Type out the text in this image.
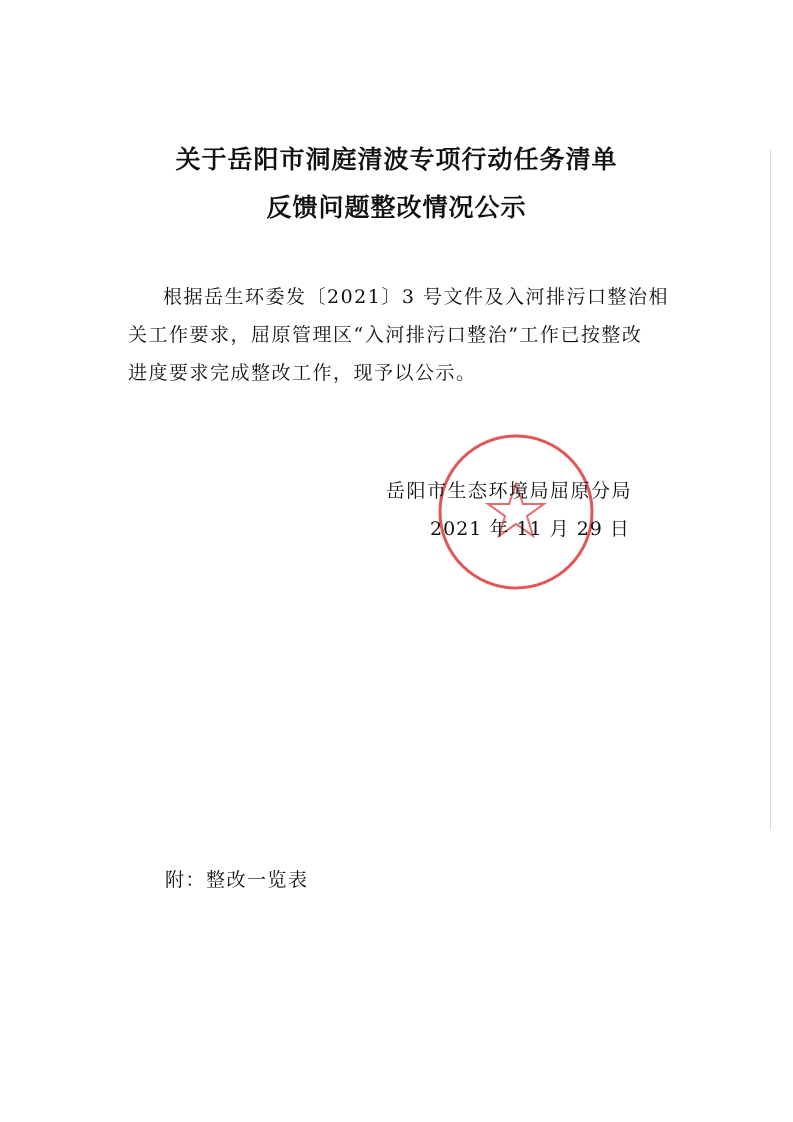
关于岳阳市洞庭清波专项行动任务清单
反馈问题整改情况公示
根据岳生环委发〔2021〕3 号文件及入河排污口整治相
关工作要求，屈原管理区“入河排污口整治”工作已按整改
进度要求完成整改工作，现予以公示。
岳阳市生态环境局屈原分局
2021 年 11 月 29 日
附：整改一览表
